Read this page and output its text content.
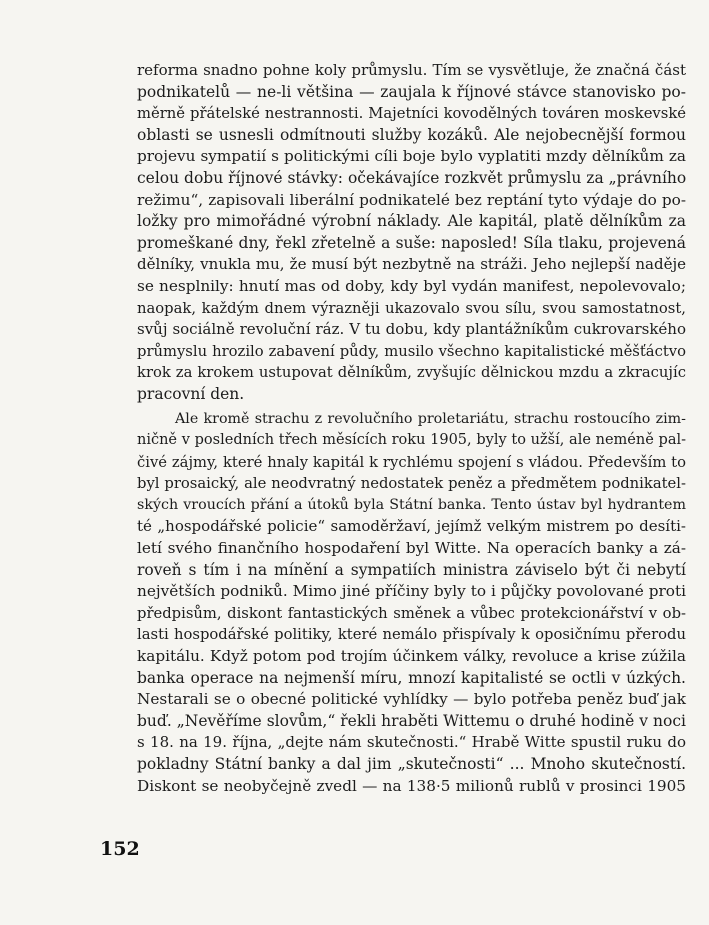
reforma snadno pohne koly průmyslu. Tím se vysvětluje, že značná část
podnikatelů — ne-li většina — zaujala k říjnové stávce stanovisko po-
měrně přátelské nestrannosti. Majetníci kovodělných továren moskevské
oblasti se usnesli odmítnouti služby kozáků. Ale nejobecnější formou
projevu sympatií s politickými cíli boje bylo vyplatiti mzdy dělníkům za
celou dobu říjnové stávky: očekávajíce rozkvět průmyslu za „právního
režimu“, zapisovali liberální podnikatelé bez reptání tyto výdaje do po-
ložky pro mimořádné výrobní náklady. Ale kapitál, platě dělníkům za
promeškané dny, řekl zřetelně a suše: naposled! Síla tlaku, projevená
dělníky, vnukla mu, že musí být nezbytně na stráži. Jeho nejlepší naděje
se nesplnily: hnutí mas od doby, kdy byl vydán manifest, nepolevovalo;
naopak, každým dnem výrazněji ukazovalo svou sílu, svou samostatnost,
svůj sociálně revoluční ráz. V tu dobu, kdy plantážníkům cukrovarského
průmyslu hrozilo zabavení půdy, musilo všechno kapitalistické měšťáctvo
krok za krokem ustupovat dělníkům, zvyšujíc dělnickou mzdu a zkracujíc
pracovní den.
Ale kromě strachu z revolučního proletariátu, strachu rostoucího zim-
ničně v posledních třech měsících roku 1905, byly to užší, ale neméně pal-
čivé zájmy, které hnaly kapitál k rychlému spojení s vládou. Především to
byl prosaický, ale neodvratný nedostatek peněz a předmětem podnikatel-
ských vroucích přání a útoků byla Státní banka. Tento ústav byl hydrantem
té „hospodářské policie“ samoděržaví, jejímž velkým mistrem po desíti-
letí svého finančního hospodaření byl Witte. Na operacích banky a zá-
roveň s tím i na mínění a sympatiích ministra záviselo být či nebytí
největších podniků. Mimo jiné příčiny byly to i půjčky povolované proti
předpisům, diskont fantastických směnek a vůbec protekcionářství v ob-
lasti hospodářské politiky, které nemálo přispívaly k oposičnímu přerodu
kapitálu. Když potom pod trojím účinkem války, revoluce a krise zúžila
banka operace na nejmenší míru, mnozí kapitalisté se octli v úzkých.
Nestarali se o obecné politické vyhlídky — bylo potřeba peněz buď jak
buď. „Nevěříme slovům,“ řekli hraběti Wittemu o druhé hodině v noci
s 18. na 19. října, „dejte nám skutečnosti.“ Hrabě Witte spustil ruku do
pokladny Státní banky a dal jim „skutečnosti“ ... Mnoho skutečností.
Diskont se neobyčejně zvedl — na 138·5 milionů rublů v prosinci 1905
152
